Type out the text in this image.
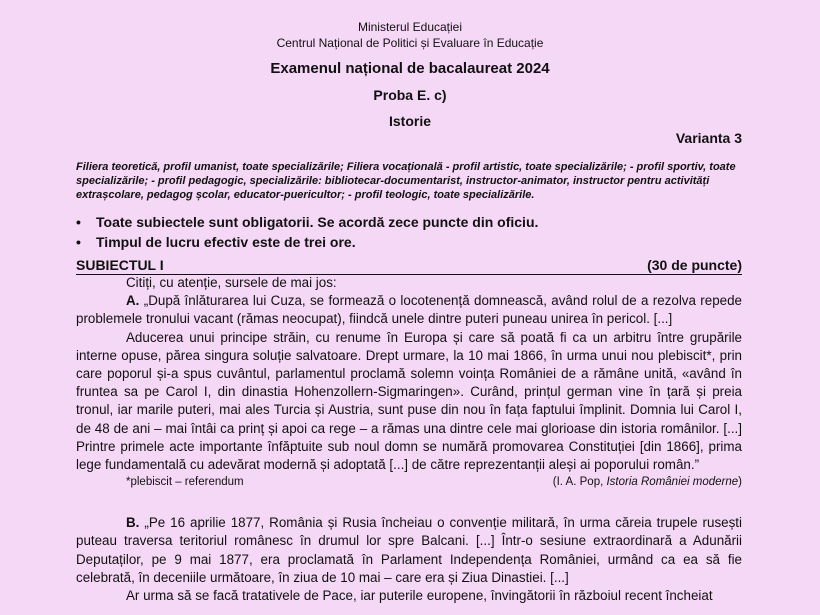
Ministerul Educației
Centrul Național de Politici și Evaluare în Educație
Examenul național de bacalaureat 2024
Proba E. c)
Istorie
Varianta 3
Filiera teoretică, profil umanist, toate specializările; Filiera vocațională - profil artistic, toate specializările; - profil sportiv, toate specializările; - profil pedagogic, specializările: bibliotecar-documentarist, instructor-animator, instructor pentru activități extrașcolare, pedagog școlar, educator-puericultor; - profil teologic, toate specializările.
• Toate subiectele sunt obligatorii. Se acordă zece puncte din oficiu.
• Timpul de lucru efectiv este de trei ore.
SUBIECTUL I	(30 de puncte)

Citiți, cu atenție, sursele de mai jos:

A. „După înlăturarea lui Cuza, se formează o locotenență domnească, având rolul de a rezolva repede problemele tronului vacant (rămas neocupat), fiindcă unele dintre puteri puneau unirea în pericol. [...]

Aducerea unui principe străin, cu renume în Europa și care să poată fi ca un arbitru între grupările interne opuse, părea singura soluție salvatoare. Drept urmare, la 10 mai 1866, în urma unui nou plebiscit*, prin care poporul și-a spus cuvântul, parlamentul proclamă solemn voința României de a rămâne unită, «având în fruntea sa pe Carol I, din dinastia Hohenzollern-Sigmaringen». Curând, prințul german vine în țară și preia tronul, iar marile puteri, mai ales Turcia și Austria, sunt puse din nou în fața faptului împlinit. Domnia lui Carol I, de 48 de ani – mai întâi ca prinț și apoi ca rege – a rămas una dintre cele mai glorioase din istoria românilor. [...] Printre primele acte importante înfăptuite sub noul domn se numără promovarea Constituției [din 1866], prima lege fundamentală cu adevărat modernă și adoptată [...] de către reprezentanții aleși ai poporului român.”

*plebiscit – referendum	(I. A. Pop, Istoria României moderne)

B. „Pe 16 aprilie 1877, România și Rusia încheiau o convenție militară, în urma căreia trupele rusești puteau traversa teritoriul românesc în drumul lor spre Balcani. [...] Într-o sesiune extraordinară a Adunării Deputaților, pe 9 mai 1877, era proclamată în Parlament Independența României, urmând ca ea să fie celebrată, în deceniile următoare, în ziua de 10 mai – care era și Ziua Dinastiei. [...]

Ar urma să se facă tratativele de Pace, iar puterile europene, învingătorii în războiul recent încheiat
